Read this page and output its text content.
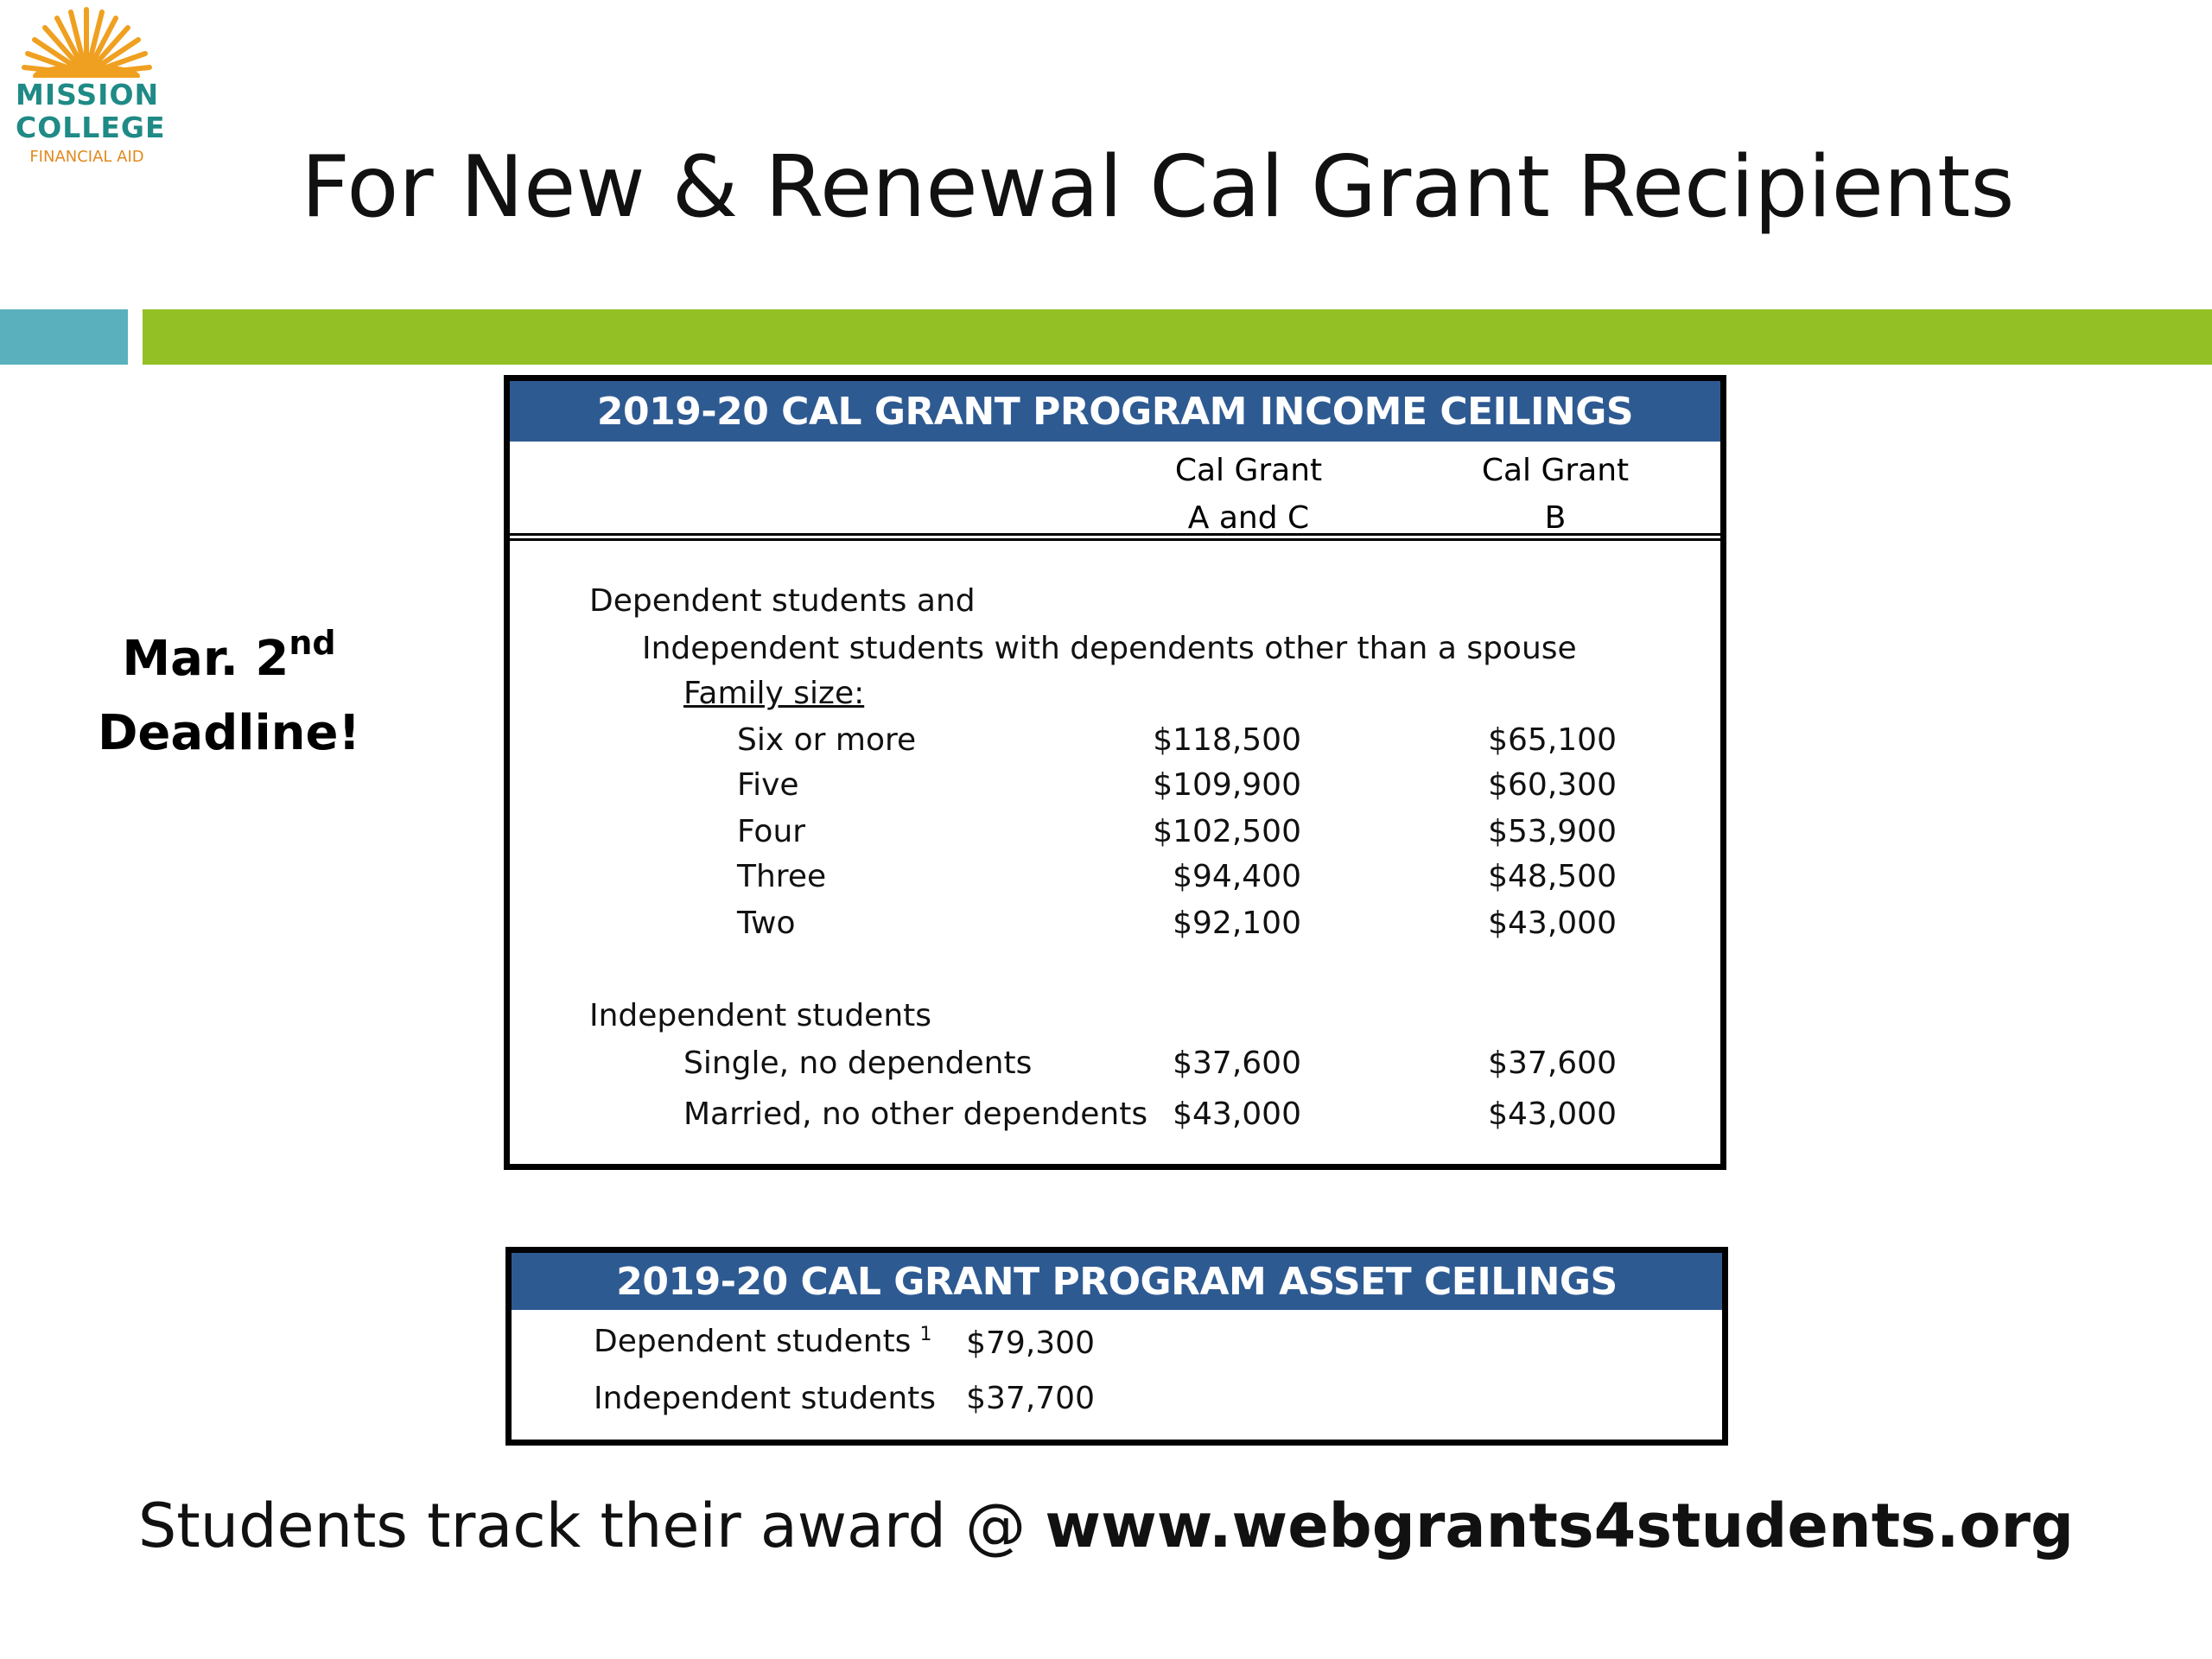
MISSION
COLLEGE
FINANCIAL AID	For New & Renewal Cal Grant Recipients
Mar. 2nd
Deadline!
2019-20 CAL GRANT PROGRAM INCOME CEILINGS
Cal Grant
A and C
Cal Grant
B
Dependent students and
Independent students with dependents other than a spouse
Family size:
Six or more	$118,500	$65,100
Five	$109,900	$60,300
Four	$102,500	$53,900
Three	$94,400	$48,500
Two	$92,100	$43,000
Independent students
Single, no dependents	$37,600	$37,600
Married, no other dependents $43,000	$43,000
2019-20 CAL GRANT PROGRAM ASSET CEILINGS
Dependent students $^1$	$79,300
Independent students $37,700
Students track their award @ www.webgrants4students.org
